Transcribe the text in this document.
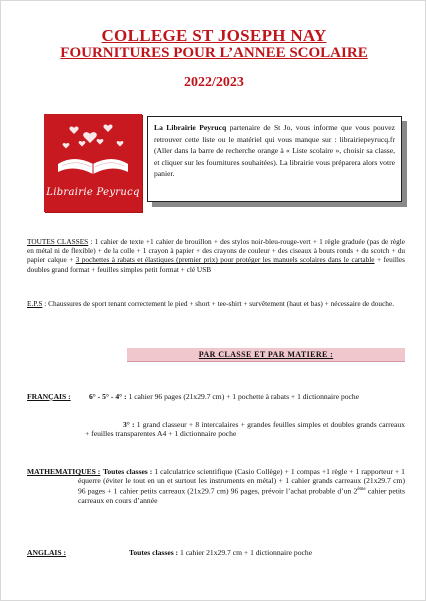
COLLEGE ST JOSEPH NAY
FOURNITURES POUR L’ANNEE SCOLAIRE
2022/2023
Librairie Peyrucq
La Librairie Peyrucq partenaire de St Jo, vous informe que vous pouvez retrouver cette liste ou le matériel qui vous manque sur : librairiepeyrucq.fr (Aller dans la barre de recherche orange à « Liste scolaire », choisir sa classe, et cliquer sur les fournitures souhaitées). La librairie vous préparera alors votre panier.
TOUTES CLASSES : 1 cahier de texte +1 cahier de brouillon + des stylos noir-bleu-rouge-vert + 1 règle graduée (pas de règle en métal ni de flexible) + de la colle + 1 crayon à papier + des crayons de couleur + des ciseaux à bouts ronds + du scotch + du papier calque + 3 pochettes à rabats et élastiques (premier prix) pour protéger les manuels scolaires dans le cartable + feuilles doubles grand format + feuilles simples petit format + clé USB
E.P.S : Chaussures de sport tenant correctement le pied + short + tee-shirt + survêtement (haut et bas) + nécessaire de douche.
PAR CLASSE ET PAR MATIERE :
FRANÇAIS : 6° - 5° - 4° : 1 cahier 96 pages (21x29.7 cm) + 1 pochette à rabats + 1 dictionnaire poche
3° : 1 grand classeur + 8 intercalaires + grandes feuilles simples et doubles grands carreaux + feuilles transparentes A4 + 1 dictionnaire poche
MATHEMATIQUES : Toutes classes : 1 calculatrice scientifique (Casio Collège) + 1 compas +1 règle + 1 rapporteur + 1 équerre (éviter le tout en un et surtout les instruments en métal) + 1 cahier grands carreaux (21x29.7 cm) 96 pages + 1 cahier petits carreaux (21x29.7 cm) 96 pages, prévoir l’achat probable d’un 2ème cahier petits carreaux en cours d’année
ANGLAIS :	Toutes classes : 1 cahier 21x29.7 cm + 1 dictionnaire poche
